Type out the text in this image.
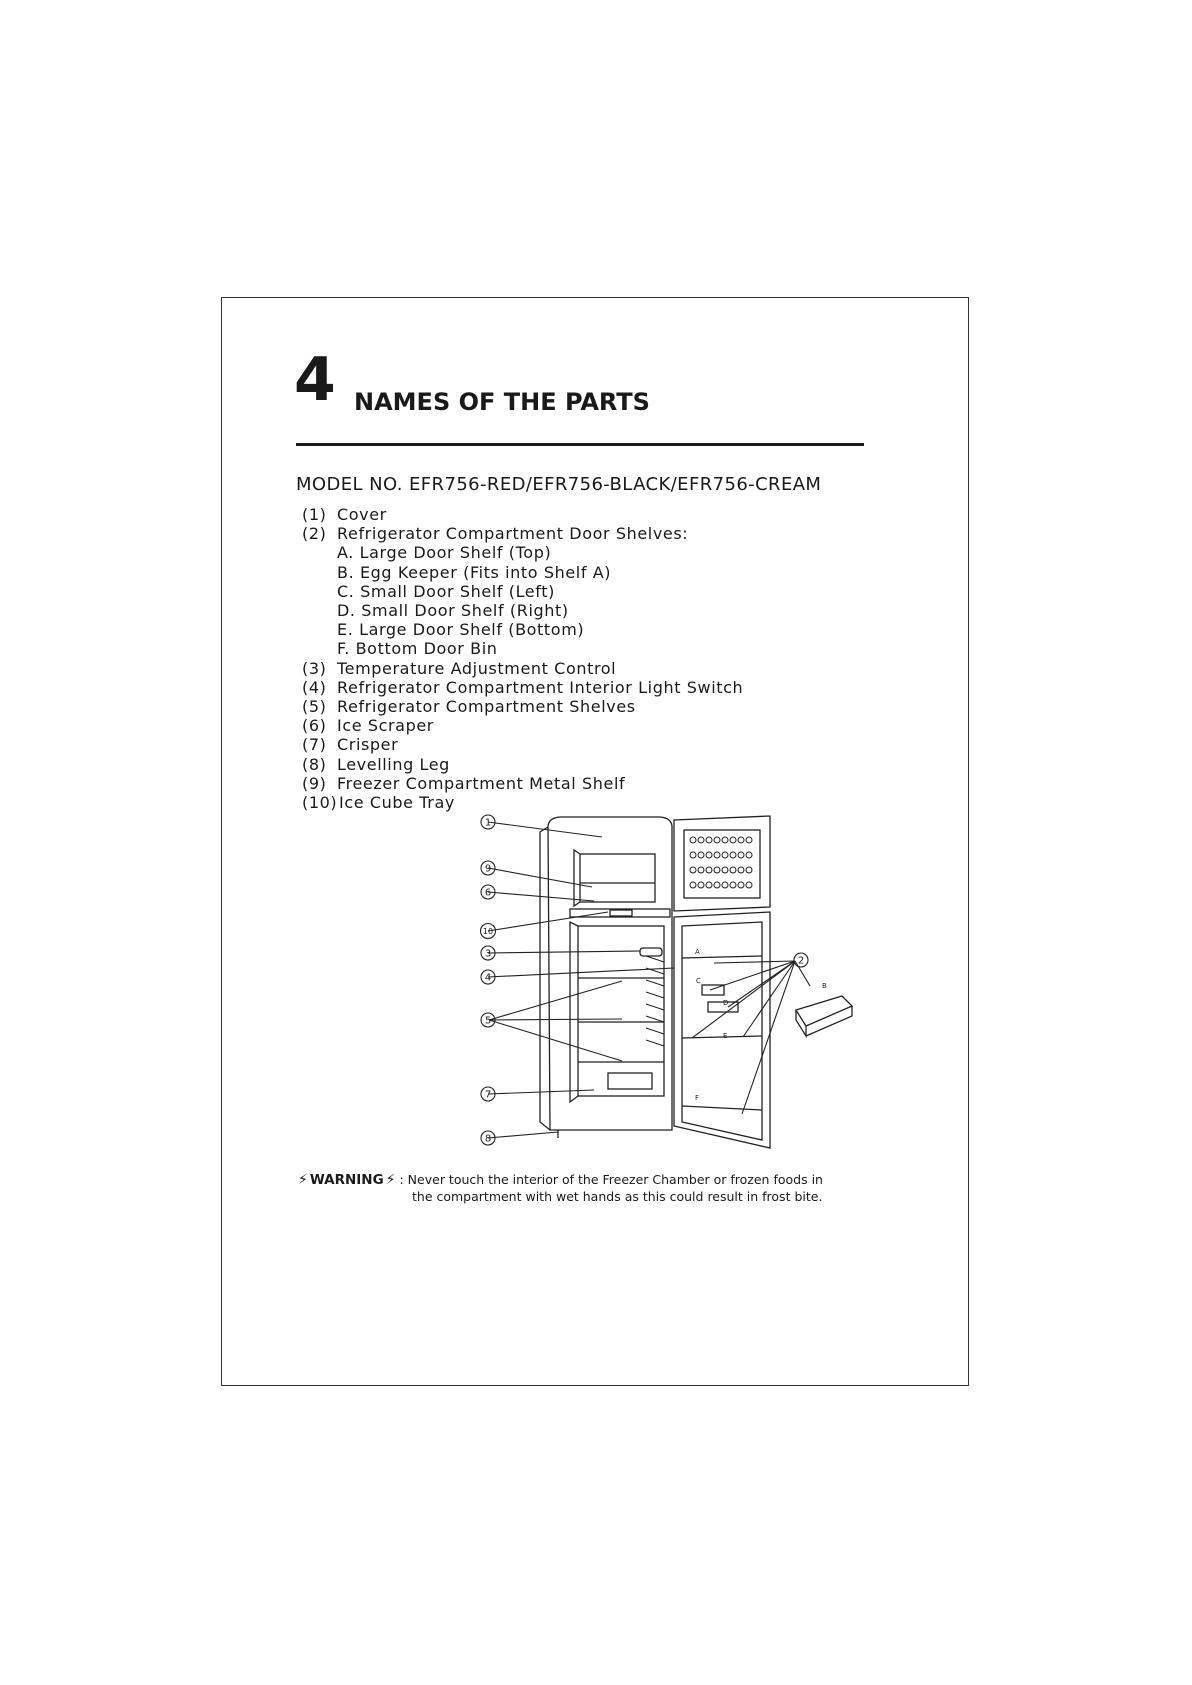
4 NAMES OF THE PARTS
MODEL NO. EFR756-RED/EFR756-BLACK/EFR756-CREAM
(1) Cover
(2) Refrigerator Compartment Door Shelves:
A. Large Door Shelf (Top)
B. Egg Keeper (Fits into Shelf A)
C. Small Door Shelf (Left)
D. Small Door Shelf (Right)
E. Large Door Shelf (Bottom)
F. Bottom Door Bin
(3) Temperature Adjustment Control
(4) Refrigerator Compartment Interior Light Switch
(5) Refrigerator Compartment Shelves
(6) Ice Scraper
(7) Crisper
(8) Levelling Leg
(9) Freezer Compartment Metal Shelf
(10) Ice Cube Tray
1
9
6
10
3
4
5
7
8
2
A
B
C
D
E
F
⚡ WARNING ⚡ : Never touch the interior of the Freezer Chamber or frozen foods in
the compartment with wet hands as this could result in frost bite.
